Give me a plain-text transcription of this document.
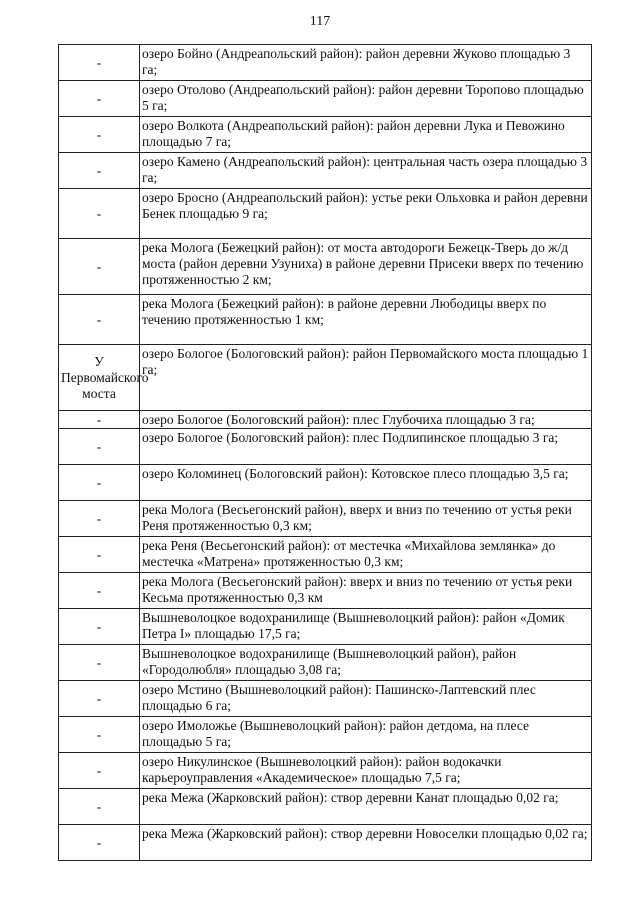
117
-	озеро Бойно (Андреапольский район): район деревни Жуково площадью 3 га;
-	озеро Отолово (Андреапольский район): район деревни Торопово площадью 5 га;
-	озеро Волкота (Андреапольский район): район деревни Лука и Певожино площадью 7 га;
-	озеро Камено (Андреапольский район): центральная часть озера площадью 3 га;
-	озеро Бросно (Андреапольский район): устье реки Ольховка и район деревни Бенек площадью 9 га;
-	река Молога (Бежецкий район): от моста автодороги Бежецк-Тверь до ж/д моста (район деревни Узуниха) в районе деревни Присеки вверх по течению протяженностью 2 км;
-	река Молога (Бежецкий район): в районе деревни Любодицы вверх по течению протяженностью 1 км;
У Первомайского моста	озеро Бологое (Бологовский район): район Первомайского моста площадью 1 га;
-	озеро Бологое (Бологовский район): плес Глубочиха площадью 3 га;
-	озеро Бологое (Бологовский район): плес Подлипинское площадью 3 га;
-	озеро Коломинец (Бологовский район): Котовское плесо площадью 3,5 га;
-	река Молога (Весьегонский район), вверх и вниз по течению от устья реки Реня протяженностью 0,3 км;
-	река Реня (Весьегонский район): от местечка «Михайлова землянка» до местечка «Матрена» протяженностью 0,3 км;
-	река Молога (Весьегонский район): вверх и вниз по течению от устья реки Кесьма протяженностью 0,3 км
-	Вышневолоцкое водохранилище (Вышневолоцкий район): район «Домик Петра I» площадью 17,5 га;
-	Вышневолоцкое водохранилище (Вышневолоцкий район), район «Городолюбля» площадью 3,08 га;
-	озеро Мстино (Вышневолоцкий район): Пашинско-Лаптевский плес площадью 6 га;
-	озеро Имоложье (Вышневолоцкий район): район детдома, на плесе площадью 5 га;
-	озеро Никулинское (Вышневолоцкий район): район водокачки карьероуправления «Академическое» площадью 7,5 га;
-	река Межа (Жарковский район): створ деревни Канат площадью 0,02 га;
-	река Межа (Жарковский район): створ деревни Новоселки площадью 0,02 га;
